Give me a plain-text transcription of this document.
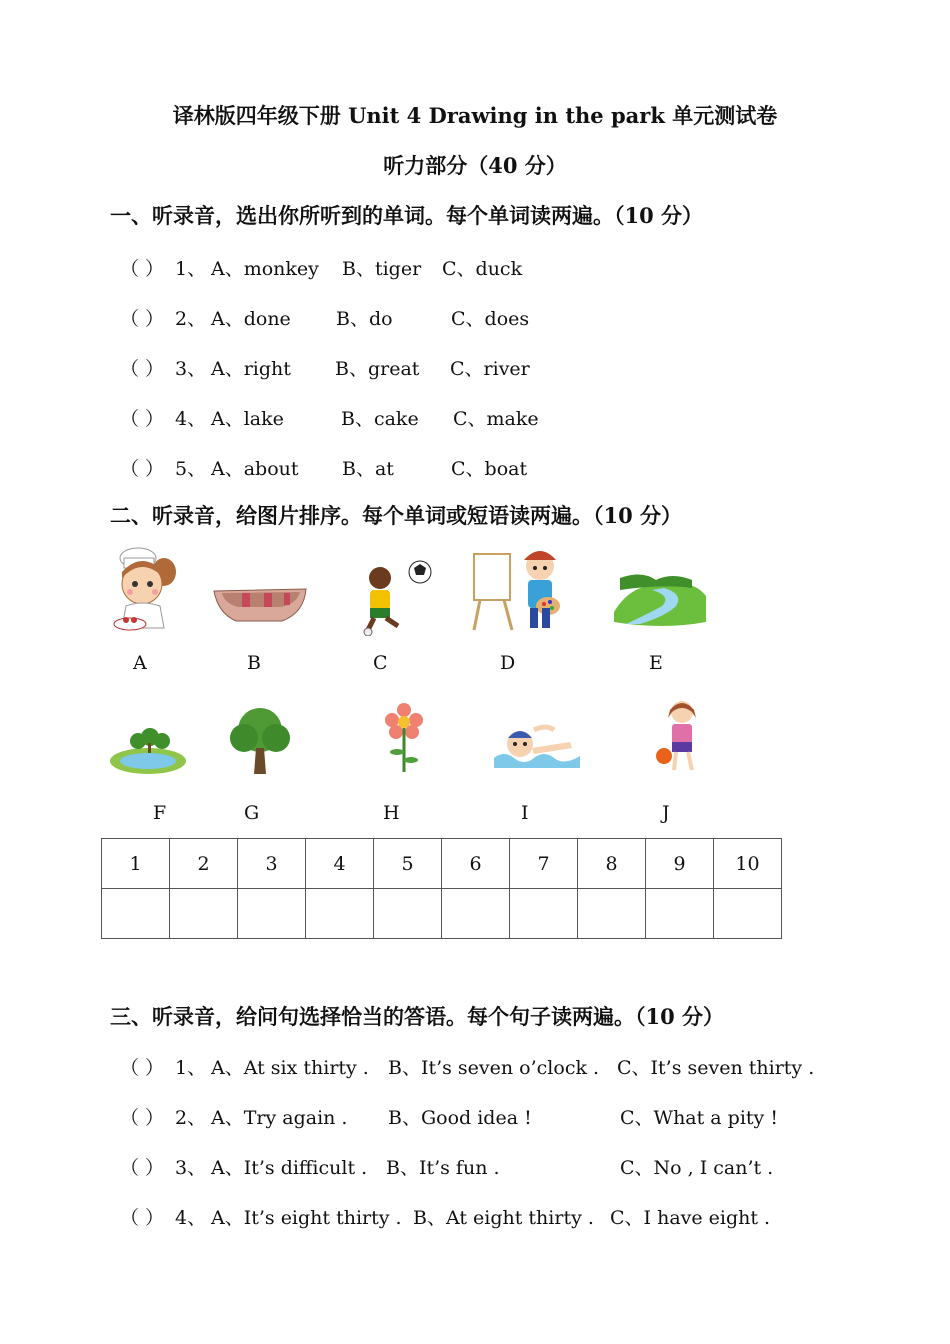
译林版四年级下册 Unit 4 Drawing in the park 单元测试卷
听力部分（40 分）
一、听录音，选出你所听到的单词。每个单词读两遍。（10 分）
（ ） 1、 A、monkey B、tiger C、duck
（ ） 2、 A、done B、do	C、does
（ ） 3、 A、right B、great C、river
（ ） 4、 A、lake	B、cake C、make
（ ） 5、 A、about B、at	C、boat
二、听录音，给图片排序。每个单词或短语读两遍。（10 分）
A	B	C	D	E
F	G	H	I	J
1	2	3	4	5	6	7	8	9	10

三、听录音，给问句选择恰当的答语。每个句子读两遍。（10 分）
（ ） 1、 A、At six thirty . B、It’s seven o’clock . C、It’s seven thirty .
（ ） 2、 A、Try again . B、Good idea !	C、What a pity !
（ ） 3、 A、It’s difficult . B、It’s fun .	C、No , I can’t .
（ ） 4、 A、It’s eight thirty . B、At eight thirty . C、I have eight .
